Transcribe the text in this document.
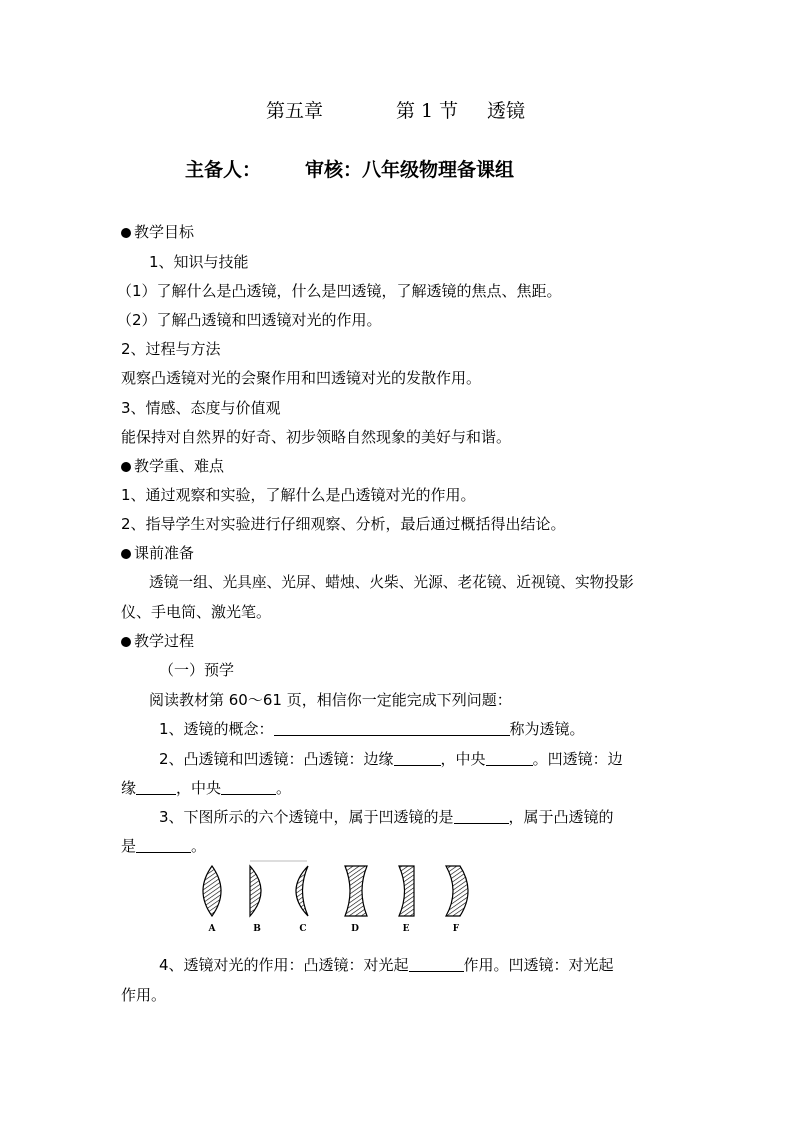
第五章	第 1 节 透镜
主备人： 审核：八年级物理备课组
教学目标
1、知识与技能
（1）了解什么是凸透镜，什么是凹透镜，了解透镜的焦点、焦距。
（2）了解凸透镜和凹透镜对光的作用。
2、过程与方法
观察凸透镜对光的会聚作用和凹透镜对光的发散作用。
3、情感、态度与价值观
能保持对自然界的好奇、初步领略自然现象的美好与和谐。
教学重、难点
1、通过观察和实验，了解什么是凸透镜对光的作用。
2、指导学生对实验进行仔细观察、分析，最后通过概括得出结论。
课前准备
透镜一组、光具座、光屏、蜡烛、火柴、光源、老花镜、近视镜、实物投影
仪、手电筒、激光笔。
教学过程
（一）预学
阅读教材第 60～61 页，相信你一定能完成下列问题：
1、透镜的概念：	称为透镜。
2、凸透镜和凹透镜：凸透镜：边缘	，中央	。凹透镜：边
缘	，中央	。
3、下图所示的六个透镜中，属于凹透镜的是	，属于凸透镜的
是	。
A	B	C	D	E	F
4、透镜对光的作用：凸透镜：对光起	作用。凹透镜：对光起
作用。
